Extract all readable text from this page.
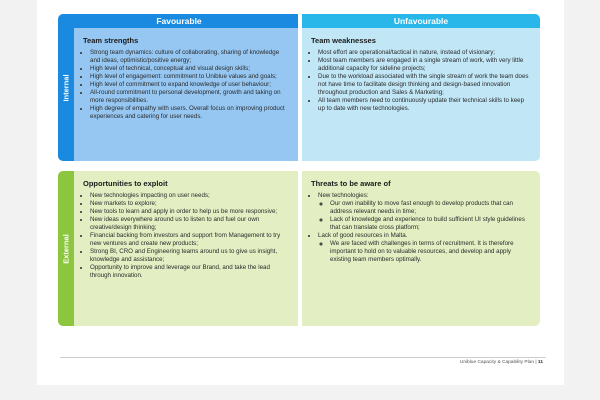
Favourable	Unfavourable
Internal
External
Team strengths
• Strong team dynamics: culture of collaborating, sharing of knowledge and ideas, optimistic/positive energy;
• High level of technical, conceptual and visual design skills;
• High level of engagement: commitment to Uniblue values and goals;
• High level of commitment to expand knowledge of user behaviour;
• All-round commitment to personal development, growth and taking on more responsibilities.
• High degree of empathy with users. Overall focus on improving product experiences and catering for user needs.
Team weaknesses
• Most effort are operational/tactical in nature, instead of visionary;
• Most team members are engaged in a single stream of work, with very little additional capacity for sideline projects;
• Due to the workload associated with the single stream of work the team does not have time to facilitate design thinking and design-based innovation throughout production and Sales & Marketing;
• All team members need to continuously update their technical skills to keep up to date with new technologies.
Opportunities to exploit
• New technologies impacting on user needs;
• New markets to explore;
• New tools to learn and apply in order to help us be more responsive;
• New ideas everywhere around us to listen to and fuel our own creative/design thinking;
• Financial backing from investors and support from Management to try new ventures and create new products;
• Strong BI, CRO and Engineering teams around us to give us insight, knowledge and assistance;
• Opportunity to improve and leverage our Brand, and take the lead through innovation.
Threats to be aware of
• New technologies:
◦ Our own inability to move fast enough to develop products that can address relevant needs in time;
◦ Lack of knowledge and experience to build sufficient UI style guidelines that can translate cross platform;
• Lack of good resources in Malta.
◦ We are faced with challenges in terms of recruitment. It is therefore important to hold on to valuable resources, and develop and apply existing team members optimally.
Uniblue Capacity & Capability Plan | 11
